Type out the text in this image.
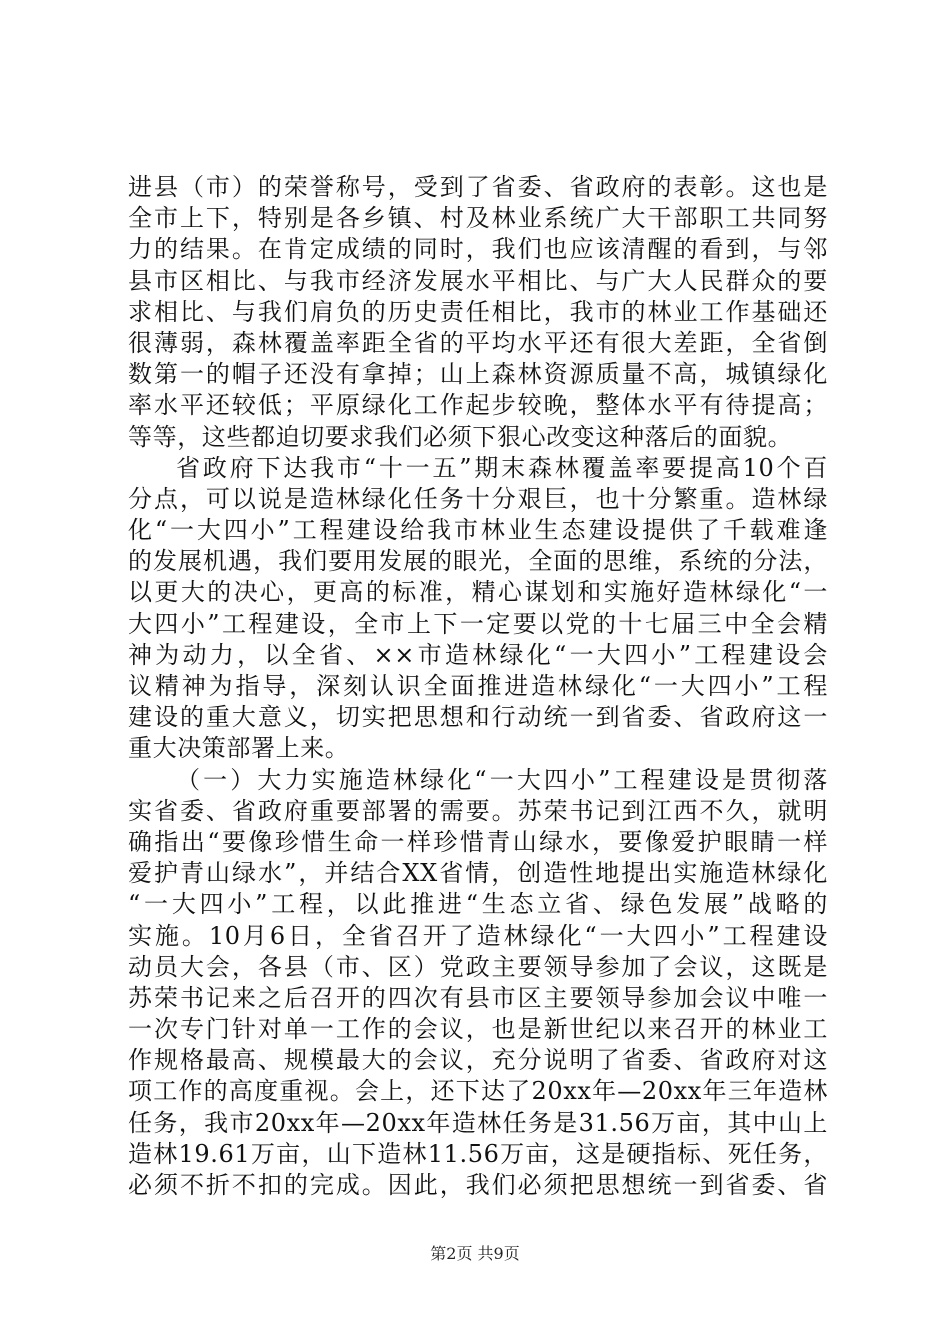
进县（市）的荣誉称号，受到了省委、省政府的表彰。这也是
全市上下，特别是各乡镇、村及林业系统广大干部职工共同努
力的结果。在肯定成绩的同时，我们也应该清醒的看到，与邻
县市区相比、与我市经济发展水平相比、与广大人民群众的要
求相比、与我们肩负的历史责任相比，我市的林业工作基础还
很薄弱，森林覆盖率距全省的平均水平还有很大差距，全省倒
数第一的帽子还没有拿掉；山上森林资源质量不高，城镇绿化
率水平还较低；平原绿化工作起步较晚，整体水平有待提高；
等等，这些都迫切要求我们必须下狠心改变这种落后的面貌。
省政府下达我市“十一五”期末森林覆盖率要提高10个百
分点，可以说是造林绿化任务十分艰巨，也十分繁重。造林绿
化“一大四小”工程建设给我市林业生态建设提供了千载难逢
的发展机遇，我们要用发展的眼光，全面的思维，系统的分法，
以更大的决心，更高的标准，精心谋划和实施好造林绿化“一
大四小”工程建设，全市上下一定要以党的十七届三中全会精
神为动力，以全省、××市造林绿化“一大四小”工程建设会
议精神为指导，深刻认识全面推进造林绿化“一大四小”工程
建设的重大意义，切实把思想和行动统一到省委、省政府这一
重大决策部署上来。
（一）大力实施造林绿化“一大四小”工程建设是贯彻落
实省委、省政府重要部署的需要。苏荣书记到江西不久，就明
确指出“要像珍惜生命一样珍惜青山绿水，要像爱护眼睛一样
爱护青山绿水”，并结合XX省情，创造性地提出实施造林绿化
“一大四小”工程，以此推进“生态立省、绿色发展”战略的
实施。10月6日，全省召开了造林绿化“一大四小”工程建设
动员大会，各县（市、区）党政主要领导参加了会议，这既是
苏荣书记来之后召开的四次有县市区主要领导参加会议中唯一
一次专门针对单一工作的会议，也是新世纪以来召开的林业工
作规格最高、规模最大的会议，充分说明了省委、省政府对这
项工作的高度重视。会上，还下达了20xx年—20xx年三年造林
任务，我市20xx年—20xx年造林任务是31.56万亩，其中山上
造林19.61万亩，山下造林11.56万亩，这是硬指标、死任务，
必须不折不扣的完成。因此，我们必须把思想统一到省委、省
第2页 共9页
